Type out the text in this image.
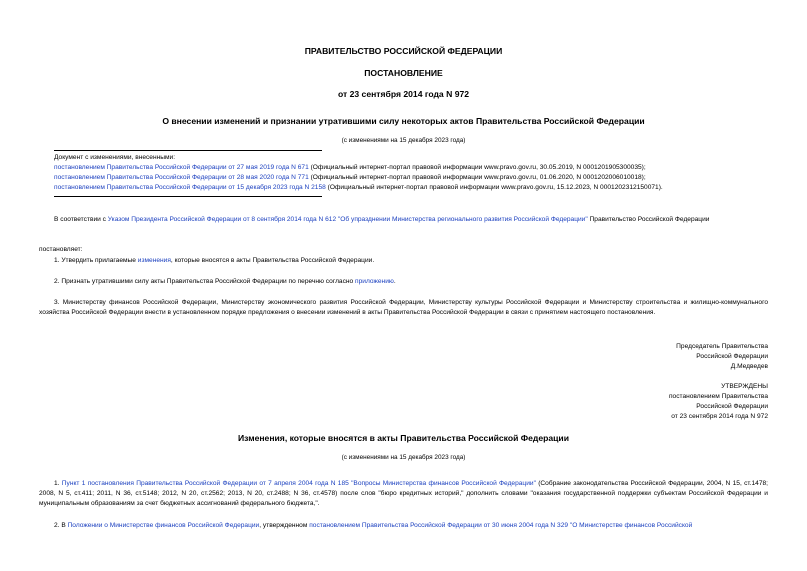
ПРАВИТЕЛЬСТВО РОССИЙСКОЙ ФЕДЕРАЦИИ
ПОСТАНОВЛЕНИЕ
от 23 сентября 2014 года N 972
О внесении изменений и признании утратившими силу некоторых актов Правительства Российской Федерации
(с изменениями на 15 декабря 2023 года)
Документ с изменениями, внесенными:
постановлением Правительства Российской Федерации от 27 мая 2019 года N 671 (Официальный интернет-портал правовой информации www.pravo.gov.ru, 30.05.2019, N 0001201905300035);
постановлением Правительства Российской Федерации от 28 мая 2020 года N 771 (Официальный интернет-портал правовой информации www.pravo.gov.ru, 01.06.2020, N 0001202006010018);
постановлением Правительства Российской Федерации от 15 декабря 2023 года N 2158 (Официальный интернет-портал правовой информации www.pravo.gov.ru, 15.12.2023, N 0001202312150071).
В соответствии с Указом Президента Российской Федерации от 8 сентября 2014 года N 612 "Об упразднении Министерства регионального развития Российской Федерации" Правительство Российской Федерации
постановляет:
1. Утвердить прилагаемые изменения, которые вносятся в акты Правительства Российской Федерации.
2. Признать утратившими силу акты Правительства Российской Федерации по перечню согласно приложению.
3. Министерству финансов Российской Федерации, Министерству экономического развития Российской Федерации, Министерству культуры Российской Федерации и Министерству строительства и жилищно-коммунального хозяйства Российской Федерации внести в установленном порядке предложения о внесении изменений в акты Правительства Российской Федерации в связи с принятием настоящего постановления.
Председатель Правительства
Российской Федерации
Д.Медведев
УТВЕРЖДЕНЫ
постановлением Правительства
Российской Федерации
от 23 сентября 2014 года N 972
Изменения, которые вносятся в акты Правительства Российской Федерации
(с изменениями на 15 декабря 2023 года)
1. Пункт 1 постановления Правительства Российской Федерации от 7 апреля 2004 года N 185 "Вопросы Министерства финансов Российской Федерации" (Собрание законодательства Российской Федерации, 2004, N 15, ст.1478; 2008, N 5, ст.411; 2011, N 36, ст.5148; 2012, N 20, ст.2562; 2013, N 20, ст.2488; N 36, ст.4578) после слов "бюро кредитных историй," дополнить словами "оказания государственной поддержки субъектам Российской Федерации и муниципальным образованиям за счет бюджетных ассигнований федерального бюджета,".
2. В Положении о Министерстве финансов Российской Федерации, утвержденном постановлением Правительства Российской Федерации от 30 июня 2004 года N 329 "О Министерстве финансов Российской
